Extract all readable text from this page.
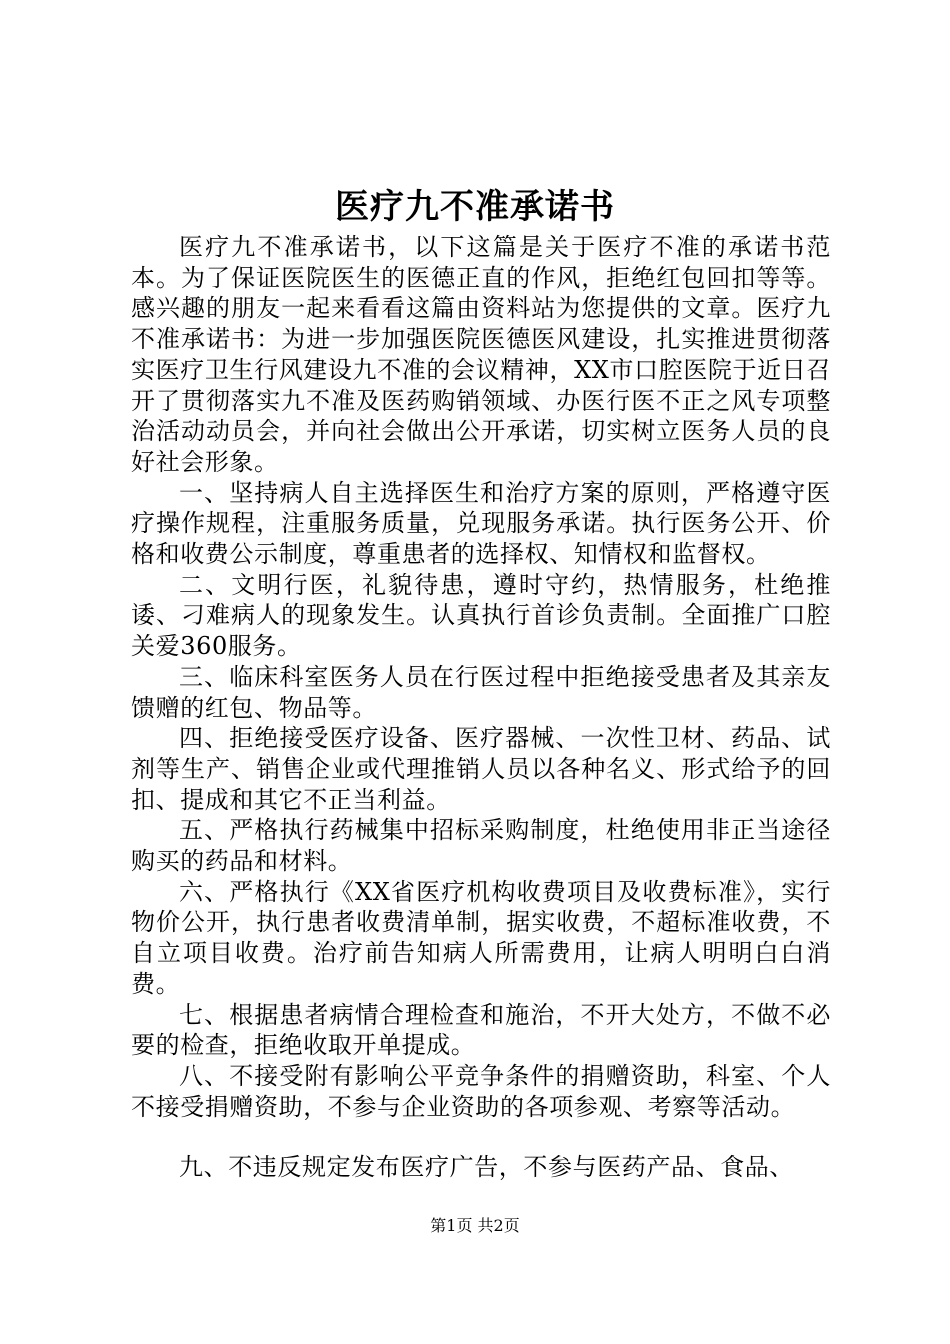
医疗九不准承诺书

医疗九不准承诺书，以下这篇是关于医疗不准的承诺书范本。为了保证医院医生的医德正直的作风，拒绝红包回扣等等。感兴趣的朋友一起来看看这篇由资料站为您提供的文章。医疗九不准承诺书：为进一步加强医院医德医风建设，扎实推进贯彻落实医疗卫生行风建设九不准的会议精神，XX市口腔医院于近日召开了贯彻落实九不准及医药购销领域、办医行医不正之风专项整治活动动员会，并向社会做出公开承诺，切实树立医务人员的良好社会形象。

一、坚持病人自主选择医生和治疗方案的原则，严格遵守医疗操作规程，注重服务质量，兑现服务承诺。执行医务公开、价格和收费公示制度，尊重患者的选择权、知情权和监督权。

二、文明行医，礼貌待患，遵时守约，热情服务，杜绝推诿、刁难病人的现象发生。认真执行首诊负责制。全面推广口腔关爱360服务。

三、临床科室医务人员在行医过程中拒绝接受患者及其亲友馈赠的红包、物品等。

四、拒绝接受医疗设备、医疗器械、一次性卫材、药品、试剂等生产、销售企业或代理推销人员以各种名义、形式给予的回扣、提成和其它不正当利益。

五、严格执行药械集中招标采购制度，杜绝使用非正当途径购买的药品和材料。

六、严格执行《XX省医疗机构收费项目及收费标准》，实行物价公开，执行患者收费清单制，据实收费，不超标准收费，不自立项目收费。治疗前告知病人所需费用，让病人明明白白消费。

七、根据患者病情合理检查和施治，不开大处方，不做不必要的检查，拒绝收取开单提成。

八、不接受附有影响公平竞争条件的捐赠资助，科室、个人不接受捐赠资助，不参与企业资助的各项参观、考察等活动。

九、不违反规定发布医疗广告，不参与医药产品、食品、

第1页 共2页
